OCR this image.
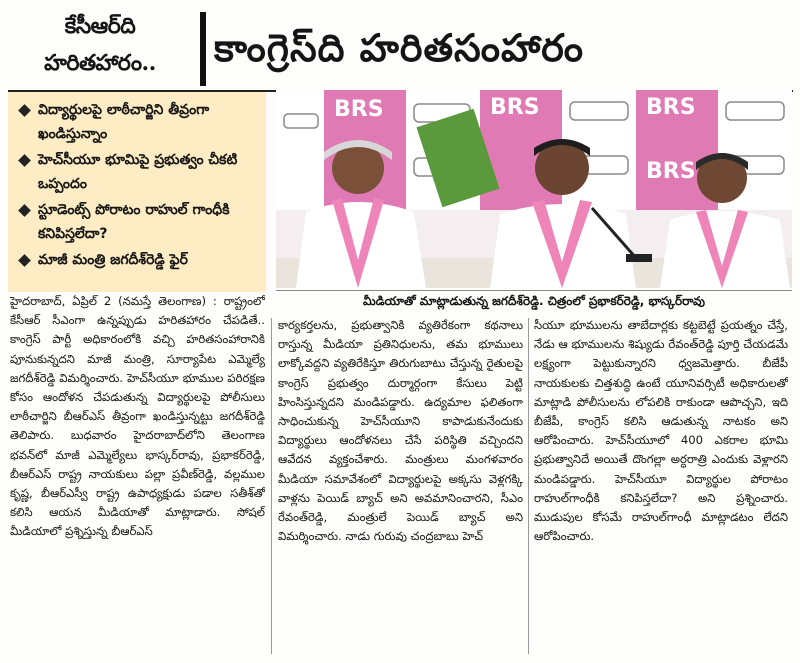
కేసీఆర్‌ది
హరితహారం..	కాంగ్రెస్‌ది హరితసంహారం
విద్యార్థులపై లాఠీచార్జిని తీవ్రంగా ఖండిస్తున్నాం
హెచ్‌సీయూ భూమిపై ప్రభుత్వం చీకటి ఒప్పందం
స్టూడెంట్స్ పోరాటం రాహుల్ గాంధీకి కనిపిస్తలేదా?
మాజీ మంత్రి జగదీశ్‌రెడ్డి ఫైర్
BRS	BRS	BRS
BRS
మీడియాతో మాట్లాడుతున్న జగదీశ్‌రెడ్డి. చిత్రంలో ప్రభాకర్‌రెడ్డి, భాస్కర్‌రావు
హైదరాబాద్, ఏప్రిల్ 2 (నమస్తే తెలంగాణ) : రాష్ట్రంలో కేసీఆర్ సీఎంగా ఉన్నప్పుడు హరితహారం చేపడితే.. కాంగ్రెస్ పార్టీ అధికారంలోకి వచ్చి హరితసంహారానికి పూనుకున్నదని మాజీ మంత్రి, సూర్యాపేట ఎమ్మెల్యే జగదీశ్‌రెడ్డి విమర్శించారు. హెచ్‌సీయూ భూముల పరిరక్షణ కోసం ఆందోళన చేపడుతున్న విద్యార్థులపై పోలీసులు లాఠీచార్జిని బీఆర్‌ఎస్ తీవ్రంగా ఖండిస్తున్నట్టు జగదీశ్‌రెడ్డి తెలిపారు. బుధవారం హైదరాబాద్‌లోని తెలంగాణ భవన్‌లో మాజీ ఎమ్మెల్యేలు భాస్కర్‌రావు, ప్రభాకర్‌రెడ్డి, బీఆర్‌ఎస్ రాష్ట్ర నాయకులు పల్లా ప్రవీణ్‌రెడ్డి, వల్లముల కృష్ణ, బీఆర్‌ఎస్వీ రాష్ట్ర ఉపాధ్యక్షుడు పడాల సతీశ్‌తో కలిసి ఆయన మీడియాతో మాట్లాడారు. సోషల్ మీడియాలో ప్రశ్నిస్తున్న బీఆర్‌ఎస్
కార్యకర్తలను, ప్రభుత్వానికి వ్యతిరేకంగా కథనాలు రాస్తున్న మీడియా ప్రతినిధులను, తమ భూములు లాక్కోవద్దని వ్యతిరేకిస్తూ తిరుగుబాటు చేస్తున్న రైతులపై కాంగ్రెస్ ప్రభుత్వం దుర్మార్గంగా కేసులు పెట్టి హింసిస్తున్నదని మండిపడ్డారు. ఉద్యమాల ఫలితంగా సాధించుకున్న హెచ్‌సీయూని కాపాడుకునేందుకు విద్యార్థులు ఆందోళనలు చేసే పరిస్థితి వచ్చిందని ఆవేదన వ్యక్తంచేశారు. మంత్రులు మంగళవారం మీడియా సమావేశంలో విద్యార్థులపై అక్కసు వెళ్లగక్కి వాళ్లను పెయిడ్ బ్యాచ్ అని అవమానించారని, సీఎం రేవంత్‌రెడ్డి, మంత్రులే పెయిడ్ బ్యాచ్ అని విమర్శించారు. నాడు గురువు చంద్రబాబు హెచ్
సీయూ భూములను తాబేదార్లకు కట్టబెట్టే ప్రయత్నం చేస్తే, నేడు ఆ భూములను శిష్యుడు రేవంత్‌రెడ్డి పూర్తి చేయడమే లక్ష్యంగా పెట్టుకున్నారని ధ్వజమెత్తారు. బీజేపీ నాయకులకు చిత్తశుద్ధి ఉంటే యూనివర్సిటీ అధికారులతో మాట్లాడి పోలీసులను లోపలికి రాకుండా ఆపొచ్చని, ఇది బీజేపీ, కాంగ్రెస్ కలిసి ఆడుతున్న నాటకం అని ఆరోపించారు. హెచ్‌సీయూలో 400 ఎకరాల భూమి ప్రభుత్వానిదే అయితే దొంగల్లా అర్ధరాత్రి ఎందుకు వెళ్లారని మండిపడ్డారు. హెచ్‌సీయూ విద్యార్థుల పోరాటం రాహుల్‌గాంధీకి కనిపిస్తలేదా? అని ప్రశ్నించారు. ముడుపుల కోసమే రాహుల్‌గాంధీ మాట్లాడటం లేదని ఆరోపించారు.
